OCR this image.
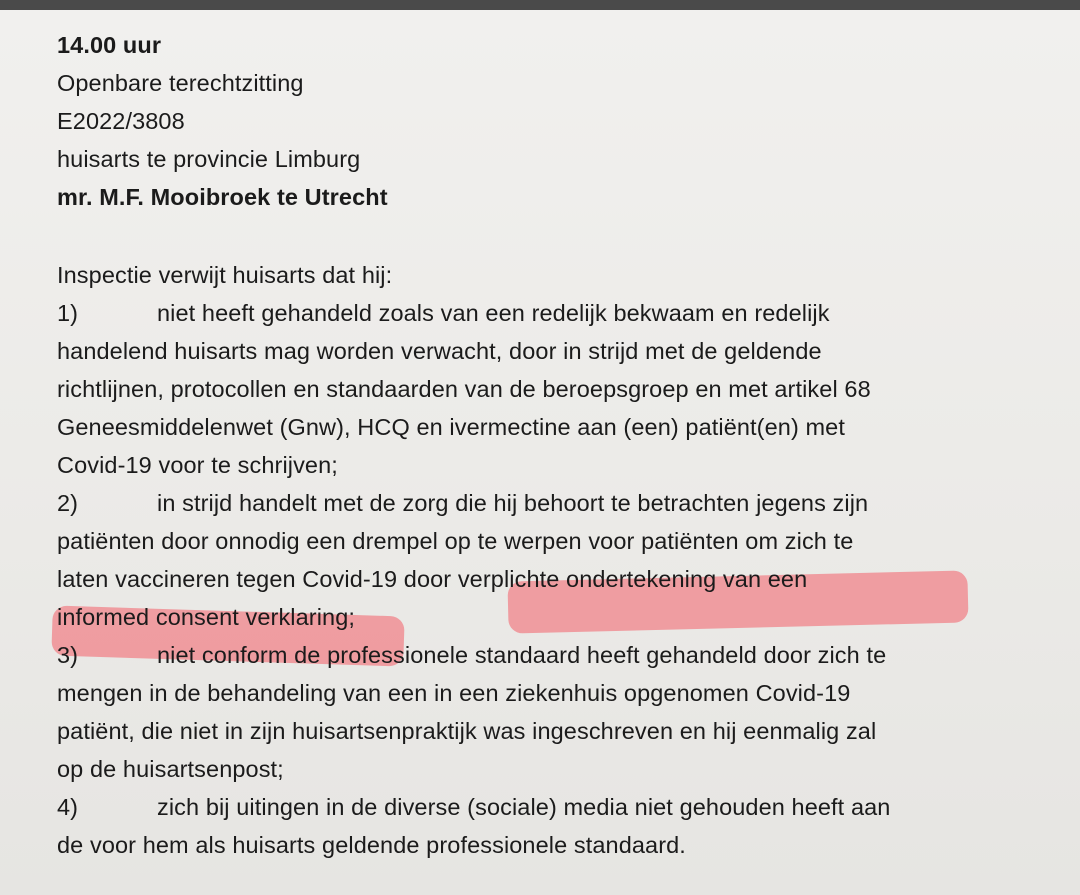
14.00 uur
Openbare terechtzitting
E2022/3808
huisarts te provincie Limburg
mr. M.F. Mooibroek te Utrecht
Inspectie verwijt huisarts dat hij:
1)	niet heeft gehandeld zoals van een redelijk bekwaam en redelijk
handelend huisarts mag worden verwacht, door in strijd met de geldende
richtlijnen, protocollen en standaarden van de beroepsgroep en met artikel 68
Geneesmiddelenwet (Gnw), HCQ en ivermectine aan (een) patiënt(en) met
Covid-19 voor te schrijven;
2)	in strijd handelt met de zorg die hij behoort te betrachten jegens zijn
patiënten door onnodig een drempel op te werpen voor patiënten om zich te
laten vaccineren tegen Covid-19 door verplichte ondertekening van een
informed consent verklaring;
3)	niet conform de professionele standaard heeft gehandeld door zich te
mengen in de behandeling van een in een ziekenhuis opgenomen Covid-19
patiënt, die niet in zijn huisartsenpraktijk was ingeschreven en hij eenmalig zal
op de huisartsenpost;
4)	zich bij uitingen in de diverse (sociale) media niet gehouden heeft aan
de voor hem als huisarts geldende professionele standaard.
